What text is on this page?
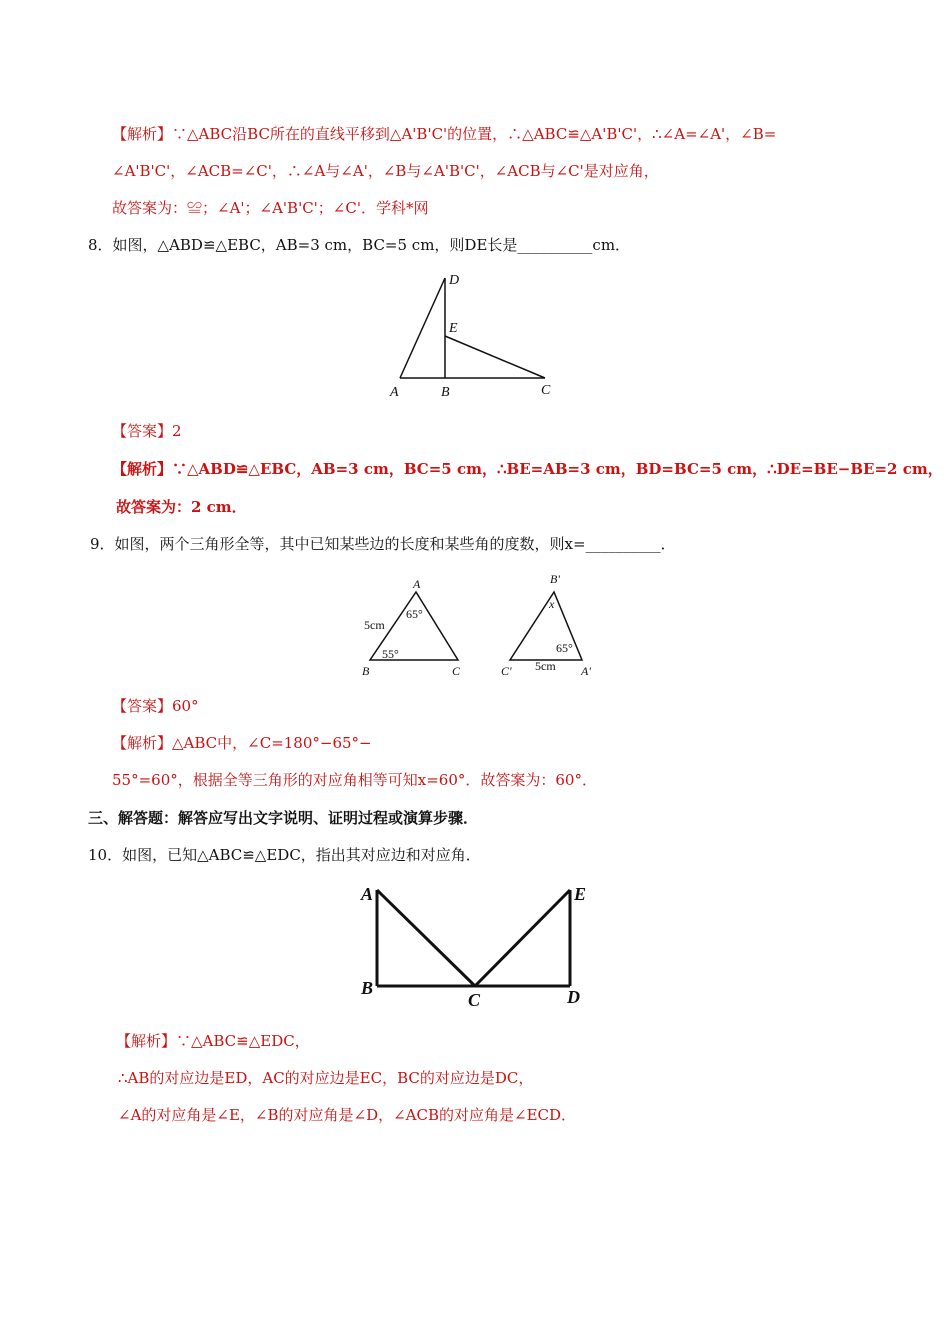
【解析】∵△ABC沿BC所在的直线平移到△A'B'C'的位置，∴△ABC≌△A'B'C'，∴∠A=∠A'，∠B=
∠A'B'C'，∠ACB=∠C'，∴∠A与∠A'，∠B与∠A'B'C'，∠ACB与∠C'是对应角，
故答案为：≌；∠A'；∠A'B'C'；∠C'．学科*网
8．如图，△ABD≌△EBC，AB=3 cm，BC=5 cm，则DE长是__________cm．
A	B	C
D
E
【答案】2
【解析】∵△ABD≌△EBC，AB=3 cm，BC=5 cm，∴BE=AB=3 cm，BD=BC=5 cm，∴DE=BE−BE=2 cm，
故答案为：2 cm．
9．如图，两个三角形全等，其中已知某些边的长度和某些角的度数，则x=__________．
A
B	C
B'
C'	A'
x
5cm
65°
55°
5cm
65°
【答案】60°
【解析】△ABC中，∠C=180°−65°−
55°=60°，根据全等三角形的对应角相等可知x=60°．故答案为：60°．
三、解答题：解答应写出文字说明、证明过程或演算步骤．
10．如图，已知△ABC≌△EDC，指出其对应边和对应角．
A
B
C	D
E
【解析】∵△ABC≌△EDC，
∴AB的对应边是ED，AC的对应边是EC，BC的对应边是DC，
∠A的对应角是∠E，∠B的对应角是∠D，∠ACB的对应角是∠ECD．
